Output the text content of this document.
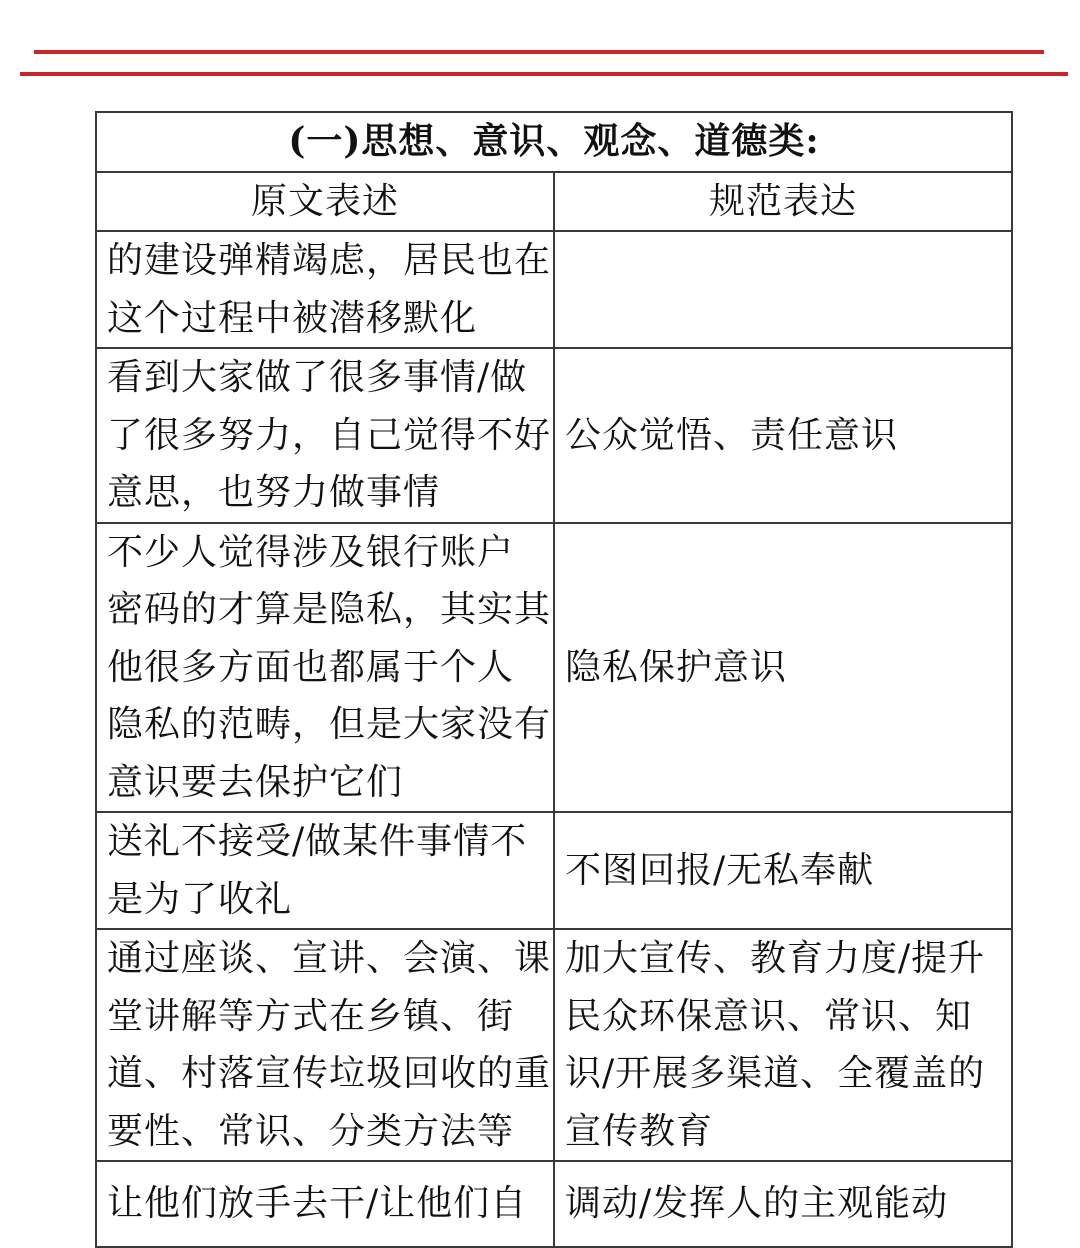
(一)思想、意识、观念、道德类:	
原文表述	规范表达

的建设弹精竭虑，居民也在
这个过程中被潜移默化	

看到大家做了很多事情/做
了很多努力，自己觉得不好
意思，也努力做事情	公众觉悟、责任意识

不少人觉得涉及银行账户
密码的才算是隐私，其实其
他很多方面也都属于个人
隐私的范畴，但是大家没有
意识要去保护它们	隐私保护意识

送礼不接受/做某件事情不
是为了收礼	不图回报/无私奉献

通过座谈、宣讲、会演、课
堂讲解等方式在乡镇、街
道、村落宣传垃圾回收的重
要性、常识、分类方法等	加大宣传、教育力度/提升
民众环保意识、常识、知
识/开展多渠道、全覆盖的
宣传教育

让他们放手去干/让他们自	调动/发挥人的主观能动
